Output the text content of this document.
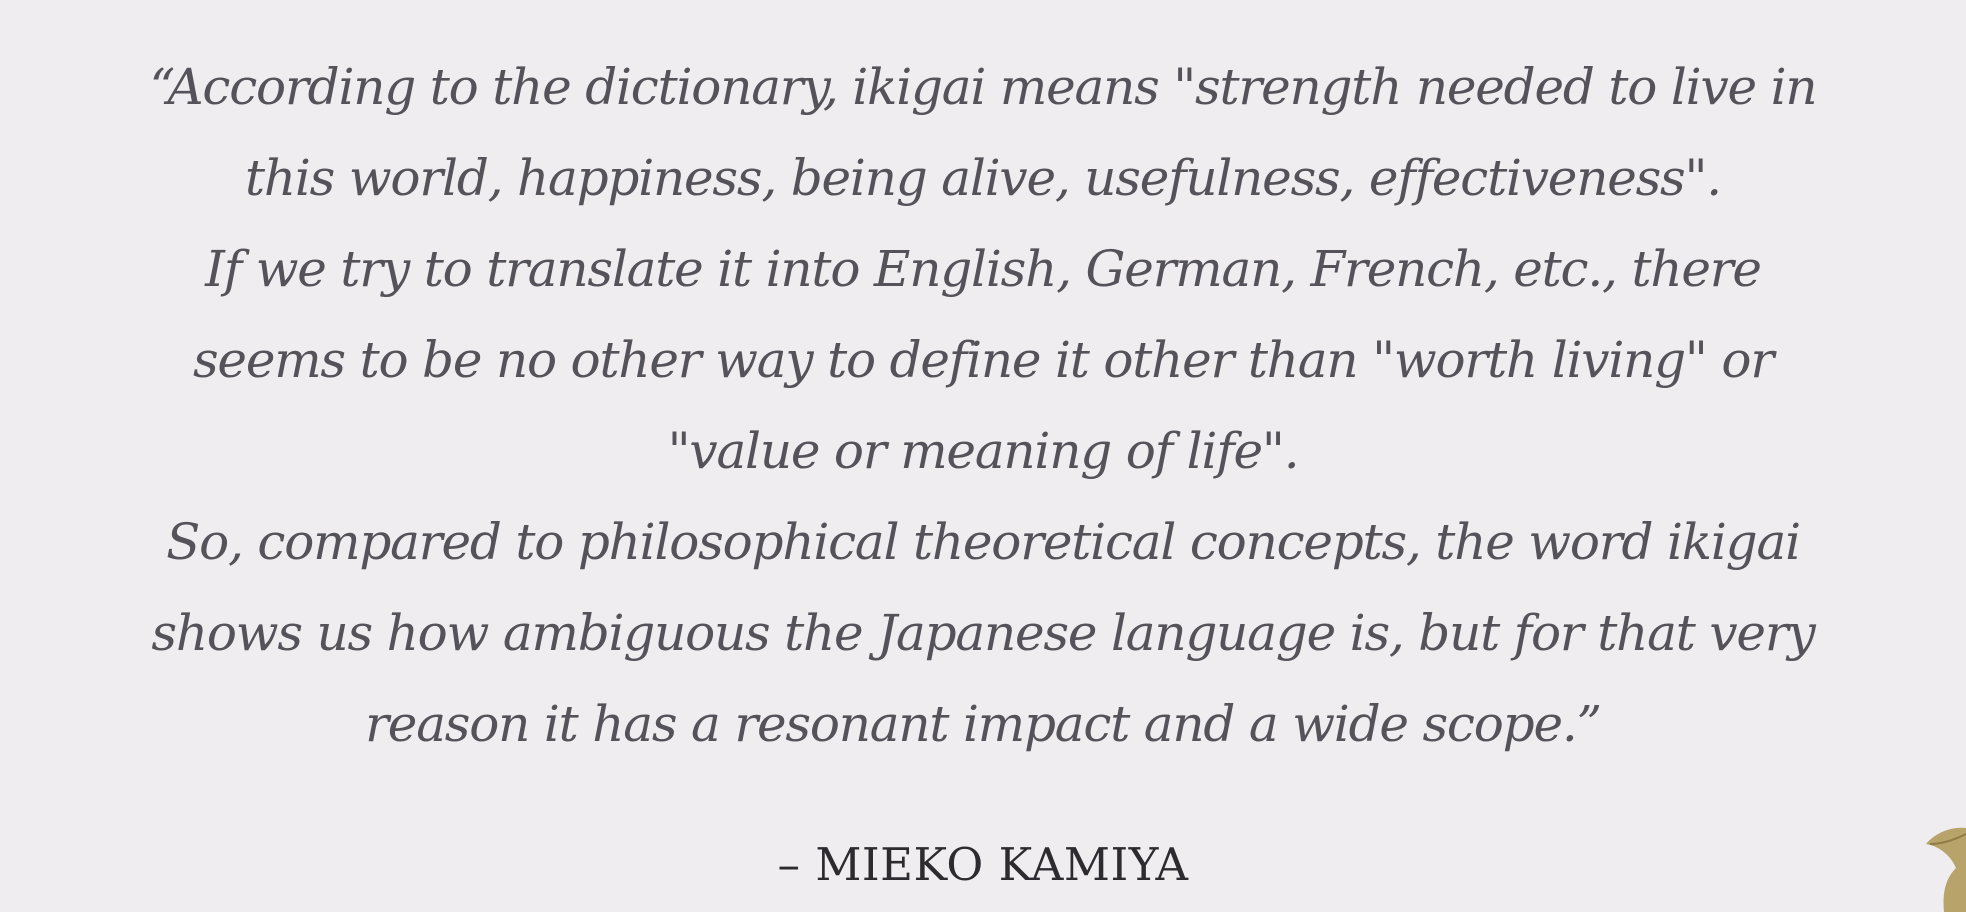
“According to the dictionary, ikigai means "strength needed to live in
this world, happiness, being alive, usefulness, effectiveness".
If we try to translate it into English, German, French, etc., there
seems to be no other way to define it other than "worth living" or
"value or meaning of life".
So, compared to philosophical theoretical concepts, the word ikigai
shows us how ambiguous the Japanese language is, but for that very
reason it has a resonant impact and a wide scope.”
– MIEKO KAMIYA
